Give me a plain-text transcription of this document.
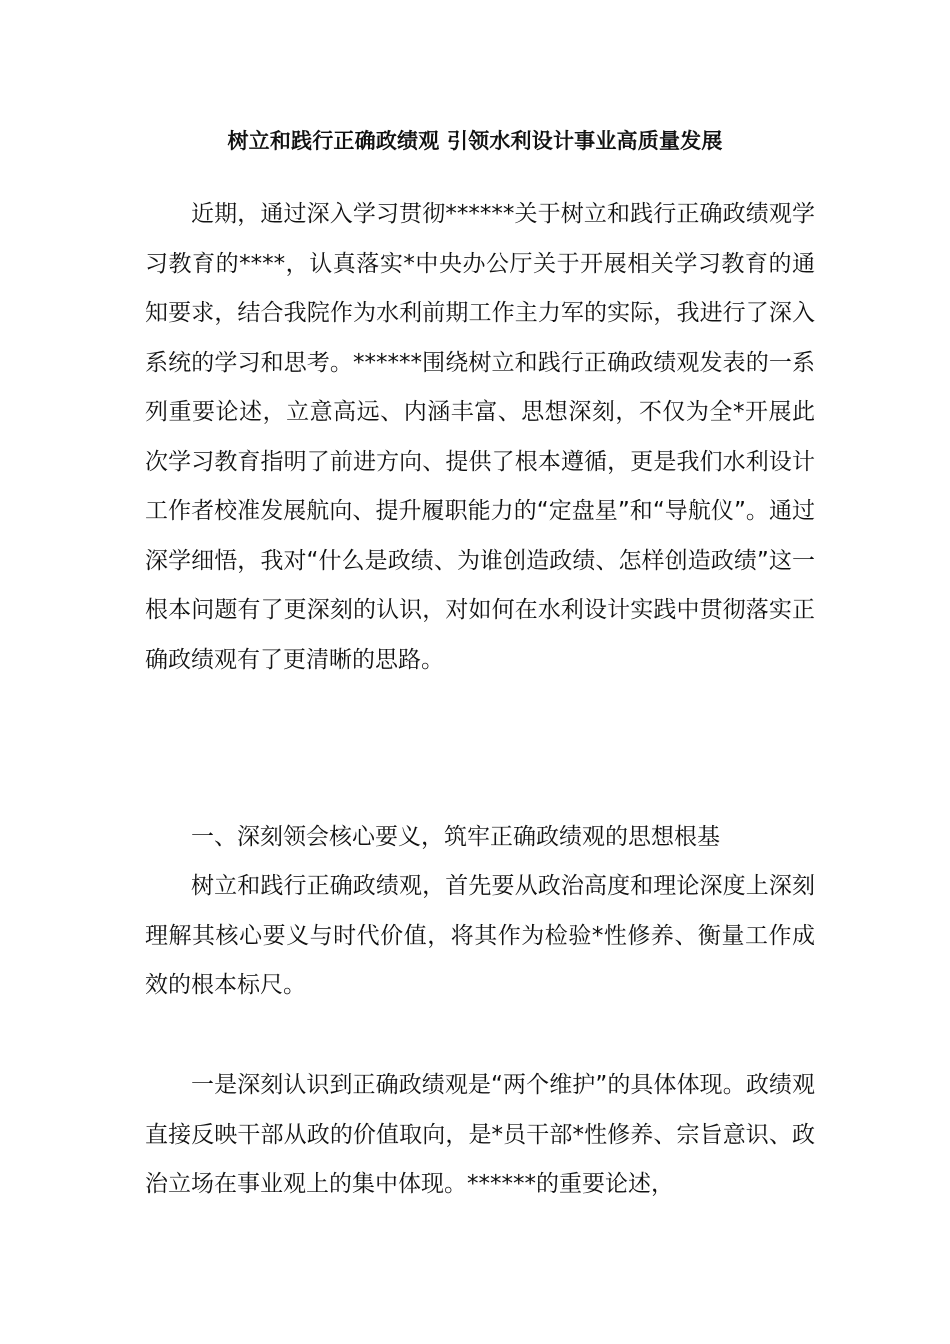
树立和践行正确政绩观 引领水利设计事业高质量发展

近期，通过深入学习贯彻******关于树立和践行正确政绩观学习教育的****，认真落实*中央办公厅关于开展相关学习教育的通知要求，结合我院作为水利前期工作主力军的实际，我进行了深入系统的学习和思考。******围绕树立和践行正确政绩观发表的一系列重要论述，立意高远、内涵丰富、思想深刻，不仅为全*开展此次学习教育指明了前进方向、提供了根本遵循，更是我们水利设计工作者校准发展航向、提升履职能力的“定盘星”和“导航仪”。通过深学细悟，我对“什么是政绩、为谁创造政绩、怎样创造政绩”这一根本问题有了更深刻的认识，对如何在水利设计实践中贯彻落实正确政绩观有了更清晰的思路。

一、深刻领会核心要义，筑牢正确政绩观的思想根基

树立和践行正确政绩观，首先要从政治高度和理论深度上深刻理解其核心要义与时代价值，将其作为检验*性修养、衡量工作成效的根本标尺。

一是深刻认识到正确政绩观是“两个维护”的具体体现。政绩观直接反映干部从政的价值取向，是*员干部*性修养、宗旨意识、政治立场在事业观上的集中体现。******的重要论述，
